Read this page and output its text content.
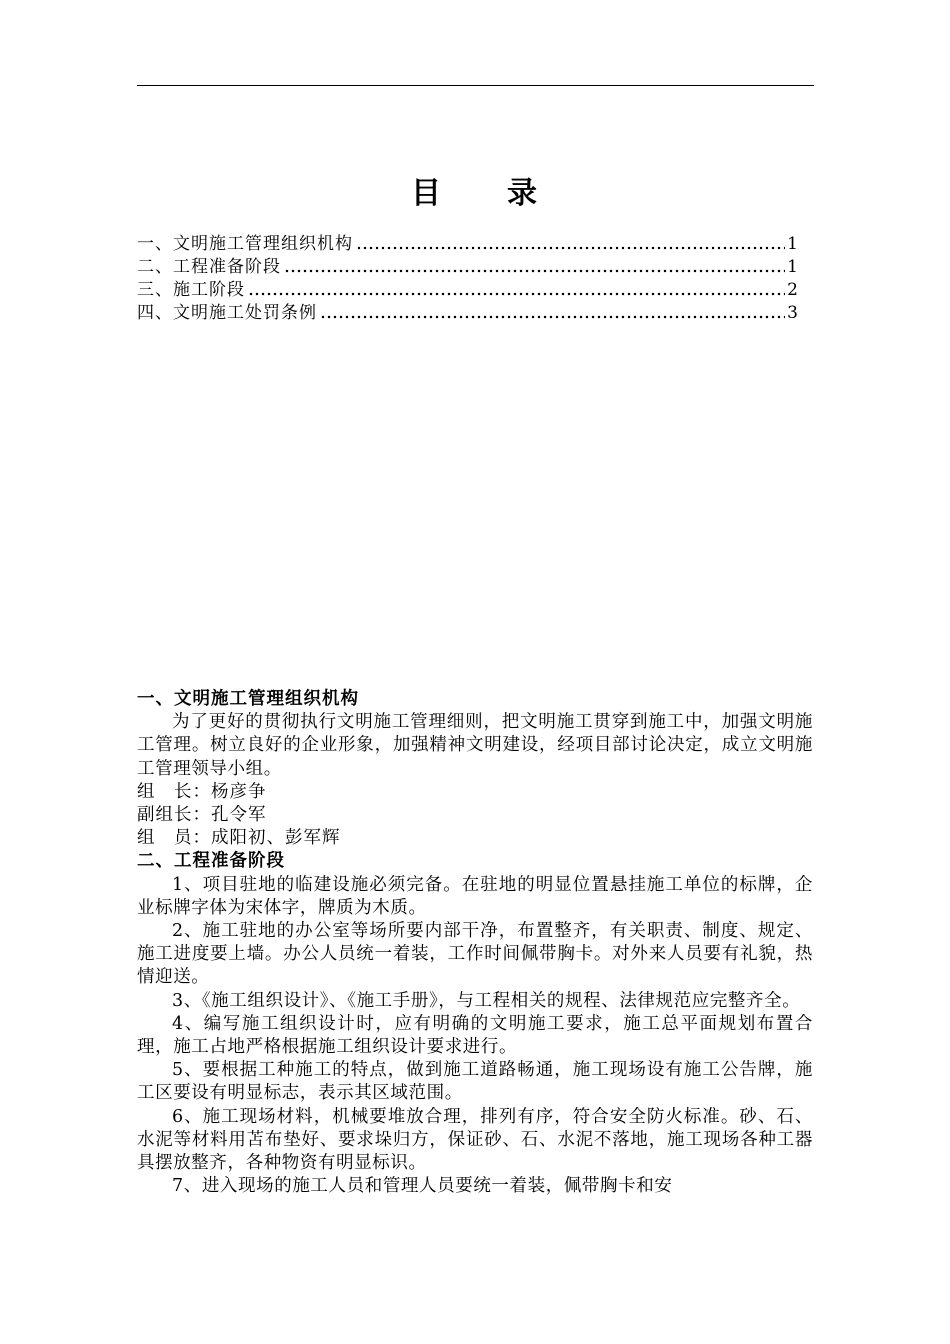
目 录
一、文明施工管理组织机构	1
二、工程准备阶段	1
三、施工阶段	2
四、文明施工处罚条例	3
一、文明施工管理组织机构
为了更好的贯彻执行文明施工管理细则，把文明施工贯穿到施工中，加强文明施工管理。树立良好的企业形象，加强精神文明建设，经项目部讨论决定，成立文明施工管理领导小组。
组　长：杨彦争
副组长：孔令军
组　员：成阳初、彭军辉
二、工程准备阶段
1、项目驻地的临建设施必须完备。在驻地的明显位置悬挂施工单位的标牌，企业标牌字体为宋体字，牌质为木质。
2、施工驻地的办公室等场所要内部干净，布置整齐，有关职责、制度、规定、施工进度要上墙。办公人员统一着装，工作时间佩带胸卡。对外来人员要有礼貌，热情迎送。
3、《施工组织设计》、《施工手册》，与工程相关的规程、法律规范应完整齐全。
4、编写施工组织设计时，应有明确的文明施工要求，施工总平面规划布置合理，施工占地严格根据施工组织设计要求进行。
5、要根据工种施工的特点，做到施工道路畅通，施工现场设有施工公告牌，施工区要设有明显标志，表示其区域范围。
6、施工现场材料，机械要堆放合理，排列有序，符合安全防火标准。砂、石、水泥等材料用苫布垫好、要求垛归方，保证砂、石、水泥不落地，施工现场各种工器具摆放整齐，各种物资有明显标识。
7、进入现场的施工人员和管理人员要统一着装，佩带胸卡和安
